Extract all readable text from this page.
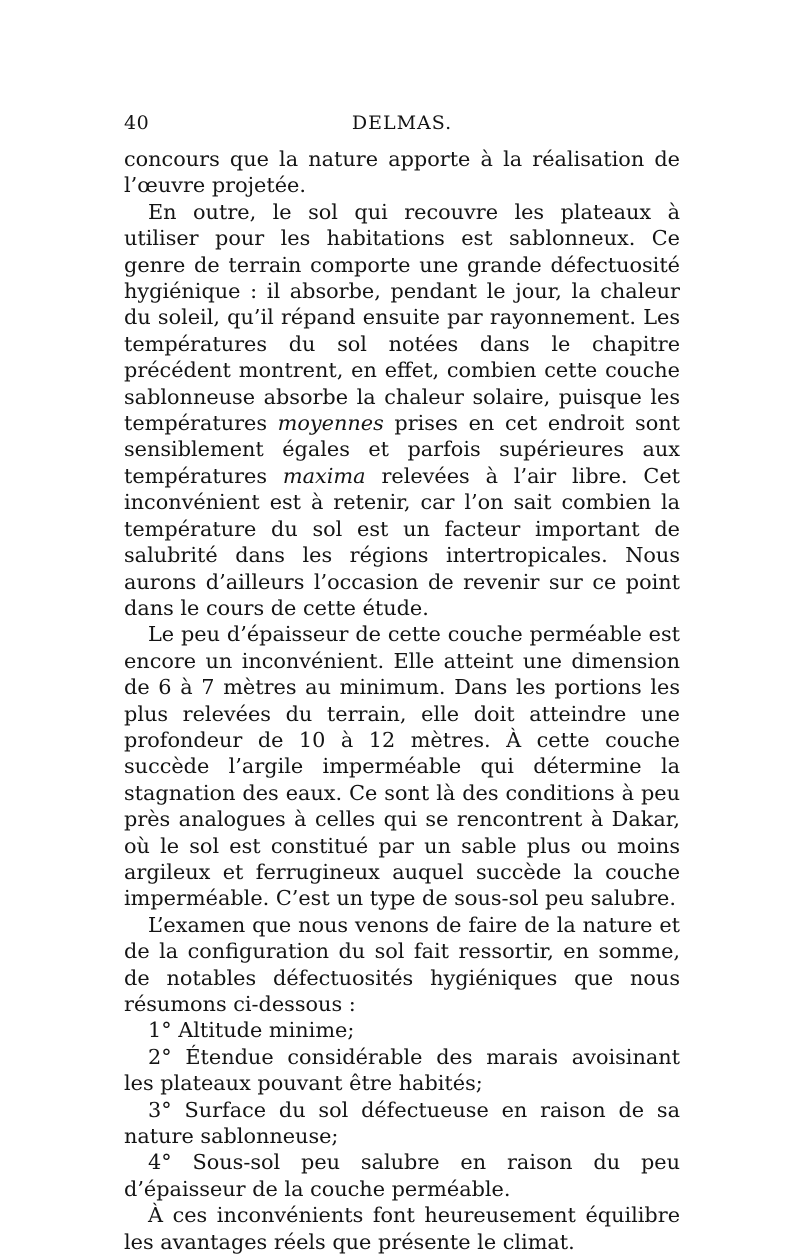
40	DELMAS.

concours que la nature apporte à la réalisation de l’œuvre projetée.

En outre, le sol qui recouvre les plateaux à utiliser pour les habitations est sablonneux. Ce genre de terrain comporte une grande défectuosité hygiénique : il absorbe, pendant le jour, la chaleur du soleil, qu’il répand ensuite par rayonnement. Les températures du sol notées dans le chapitre précédent montrent, en effet, combien cette couche sablonneuse absorbe la chaleur solaire, puisque les températures moyennes prises en cet endroit sont sensiblement égales et parfois supérieures aux températures maxima relevées à l’air libre. Cet inconvénient est à retenir, car l’on sait combien la température du sol est un facteur important de salubrité dans les régions intertropicales. Nous aurons d’ailleurs l’occasion de revenir sur ce point dans le cours de cette étude.

Le peu d’épaisseur de cette couche perméable est encore un inconvénient. Elle atteint une dimension de 6 à 7 mètres au minimum. Dans les portions les plus relevées du terrain, elle doit atteindre une profondeur de 10 à 12 mètres. À cette couche succède l’argile imperméable qui détermine la stagnation des eaux. Ce sont là des conditions à peu près analogues à celles qui se rencontrent à Dakar, où le sol est constitué par un sable plus ou moins argileux et ferrugineux auquel succède la couche imperméable. C’est un type de sous-sol peu salubre.

L’examen que nous venons de faire de la nature et de la configuration du sol fait ressortir, en somme, de notables défectuosités hygiéniques que nous résumons ci-dessous :

1° Altitude minime;

2° Étendue considérable des marais avoisinant les plateaux pouvant être habités;

3° Surface du sol défectueuse en raison de sa nature sablonneuse;

4° Sous-sol peu salubre en raison du peu d’épaisseur de la couche perméable.

À ces inconvénients font heureusement équilibre les avantages réels que présente le climat.
